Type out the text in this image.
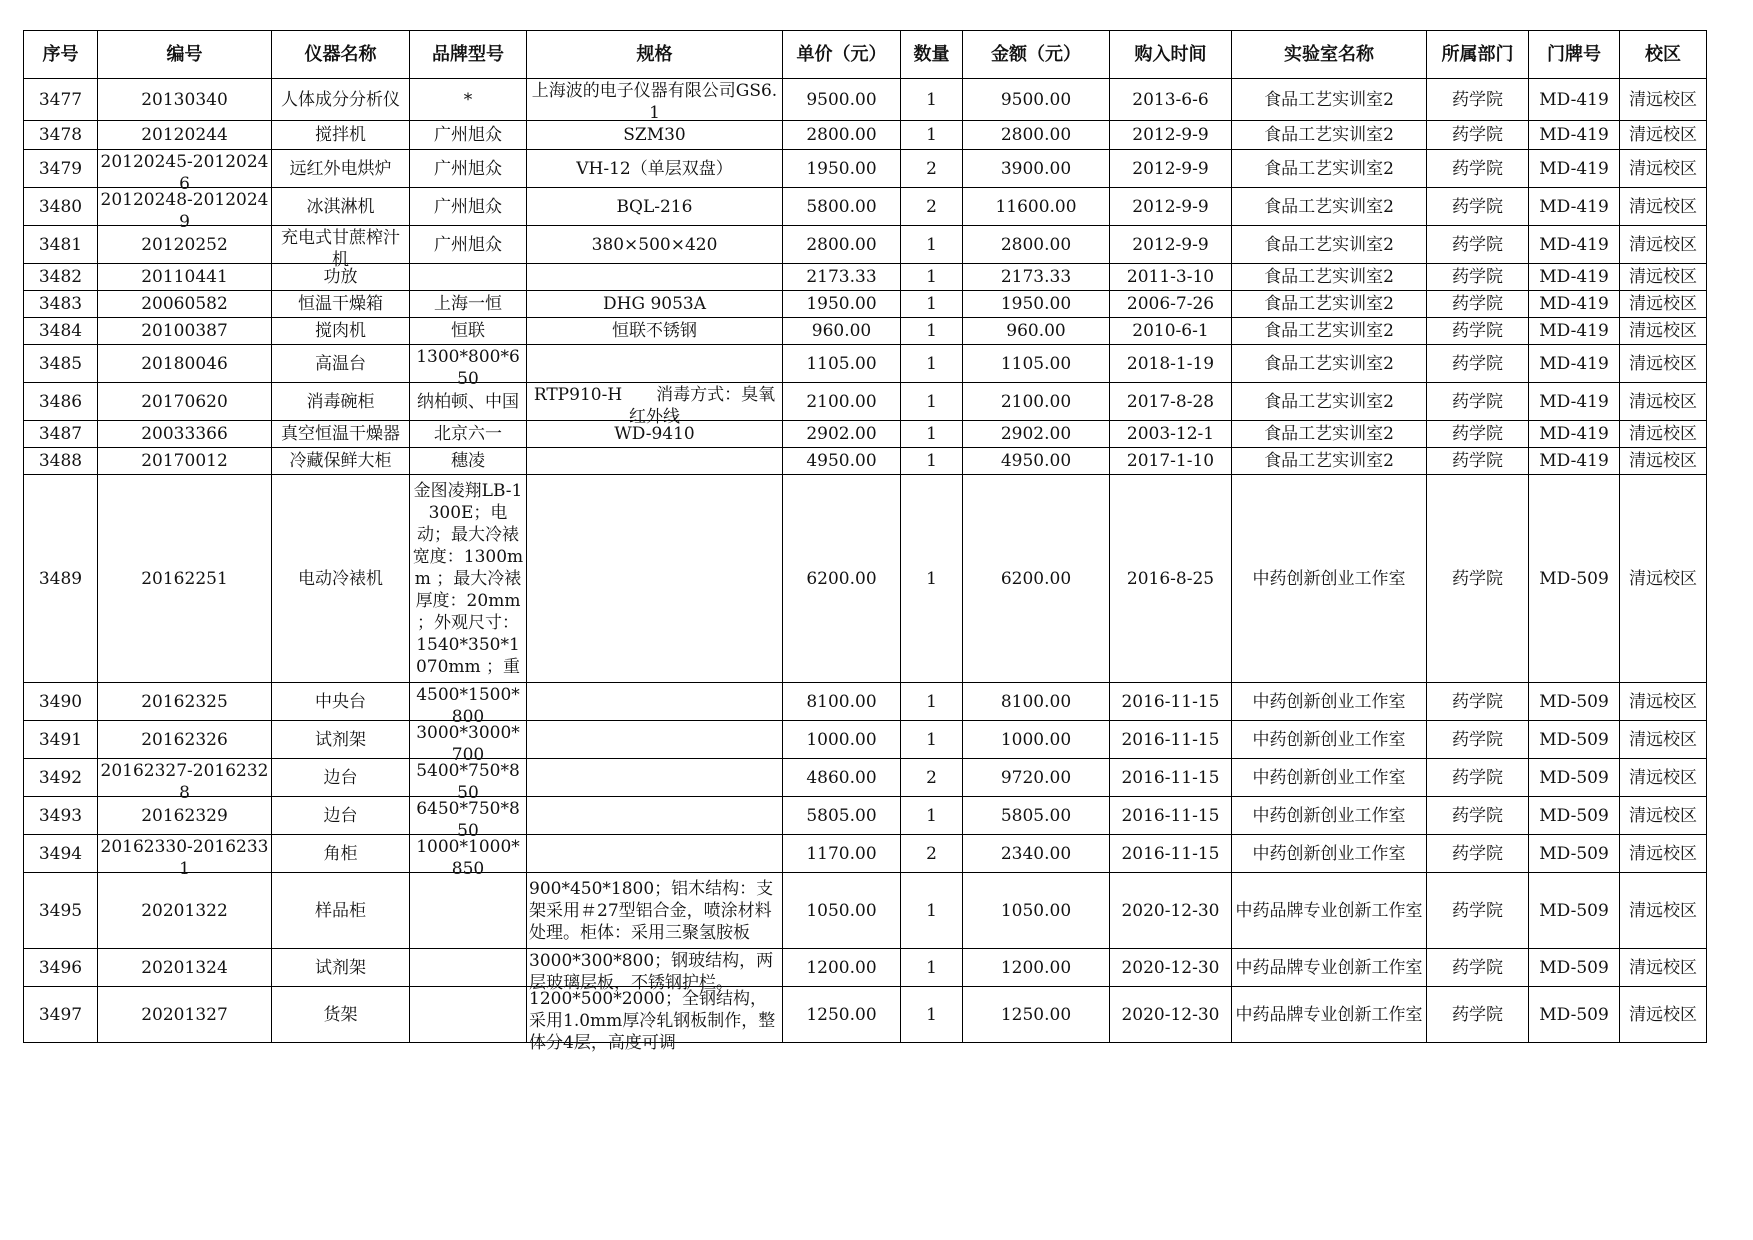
序号	编号	仪器名称	品牌型号	规格	单价（元）	数量	金额（元）	购入时间	实验室名称	所属部门	门牌号	校区

3477	20130340	人体成分分析仪	*	上海波的电子仪器有限公司GS6.1	9500.00	1	9500.00	2013-6-6	食品工艺实训室2	药学院	MD-419	清远校区

3478	20120244	搅拌机	广州旭众	SZM30	2800.00	1	2800.00	2012-9-9	食品工艺实训室2	药学院	MD-419	清远校区

3479	20120245-20120246	远红外电烘炉	广州旭众	VH-12（单层双盘）	1950.00	2	3900.00	2012-9-9	食品工艺实训室2	药学院	MD-419	清远校区

3480	20120248-20120249	冰淇淋机	广州旭众	BQL-216	5800.00	2	11600.00	2012-9-9	食品工艺实训室2	药学院	MD-419	清远校区

3481	20120252	充电式甘蔗榨汁机	广州旭众	380×500×420	2800.00	1	2800.00	2012-9-9	食品工艺实训室2	药学院	MD-419	清远校区

3482	20110441	功放			2173.33	1	2173.33	2011-3-10	食品工艺实训室2	药学院	MD-419	清远校区

3483	20060582	恒温干燥箱	上海一恒	DHG 9053A	1950.00	1	1950.00	2006-7-26	食品工艺实训室2	药学院	MD-419	清远校区

3484	20100387	搅肉机	恒联	恒联不锈钢	960.00	1	960.00	2010-6-1	食品工艺实训室2	药学院	MD-419	清远校区

3485	20180046	高温台	1300*800*650		1105.00	1	1105.00	2018-1-19	食品工艺实训室2	药学院	MD-419	清远校区

3486	20170620	消毒碗柜	纳柏顿、中国	RTP910-H　　消毒方式：臭氧 红外线	2100.00	1	2100.00	2017-8-28	食品工艺实训室2	药学院	MD-419	清远校区

3487	20033366	真空恒温干燥器	北京六一	WD-9410	2902.00	1	2902.00	2003-12-1	食品工艺实训室2	药学院	MD-419	清远校区

3488	20170012	冷藏保鲜大柜	穗凌		4950.00	1	4950.00	2017-1-10	食品工艺实训室2	药学院	MD-419	清远校区

3489	20162251	电动冷裱机	金图凌翔LB-1300E；电动；最大冷裱宽度：1300mm ；最大冷裱厚度：20mm ；外观尺寸：1540*350*1070mm ；重		6200.00	1	6200.00	2016-8-25	中药创新创业工作室	药学院	MD-509	清远校区

3490	20162325	中央台	4500*1500*800		8100.00	1	8100.00	2016-11-15	中药创新创业工作室	药学院	MD-509	清远校区

3491	20162326	试剂架	3000*3000*700		1000.00	1	1000.00	2016-11-15	中药创新创业工作室	药学院	MD-509	清远校区

3492	20162327-20162328	边台	5400*750*850		4860.00	2	9720.00	2016-11-15	中药创新创业工作室	药学院	MD-509	清远校区

3493	20162329	边台	6450*750*850		5805.00	1	5805.00	2016-11-15	中药创新创业工作室	药学院	MD-509	清远校区

3494	20162330-20162331	角柜	1000*1000*850		1170.00	2	2340.00	2016-11-15	中药创新创业工作室	药学院	MD-509	清远校区

3495	20201322	样品柜		900*450*1800；铝木结构：支架采用＃27型铝合金，喷涂材料处理。柜体：采用三聚氢胺板	1050.00	1	1050.00	2020-12-30	中药品牌专业创新工作室	药学院	MD-509	清远校区

3496	20201324	试剂架		3000*300*800；钢玻结构，两层玻璃层板，不锈钢护栏。	1200.00	1	1200.00	2020-12-30	中药品牌专业创新工作室	药学院	MD-509	清远校区

3497	20201327	货架		1200*500*2000；全钢结构，采用1.0mm厚冷轧钢板制作，整体分4层，高度可调	1250.00	1	1250.00	2020-12-30	中药品牌专业创新工作室	药学院	MD-509	清远校区
